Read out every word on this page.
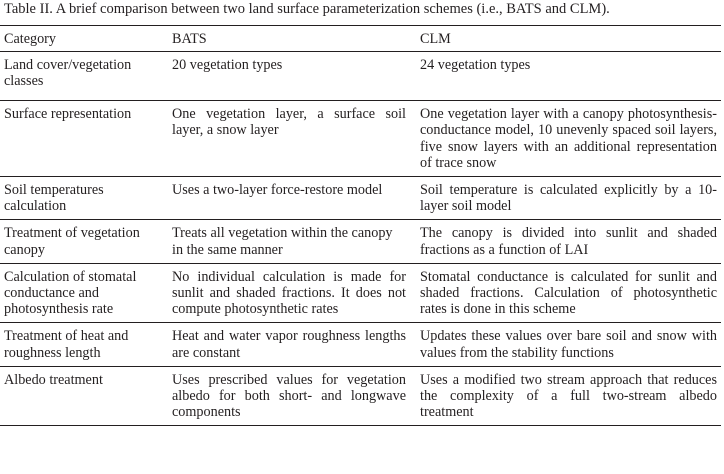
Table II. A brief comparison between two land surface parameterization schemes (i.e., BATS and CLM).
Category	BATS	CLM
Land cover/vegetation classes	20 vegetation types	24 vegetation types
Surface representation	One vegetation layer, a surface soil layer, a snow layer	One vegetation layer with a canopy photosynthesis-conductance model, 10 unevenly spaced soil layers, five snow layers with an additional representation of trace snow
Soil temperatures calculation	Uses a two-layer force-restore model	Soil temperature is calculated explicitly by a 10-layer soil model
Treatment of vegetation canopy	Treats all vegetation within the canopy in the same manner	The canopy is divided into sunlit and shaded fractions as a function of LAI
Calculation of stomatal conductance and photosynthesis rate	No individual calculation is made for sunlit and shaded fractions. It does not compute photosynthetic rates	Stomatal conductance is calculated for sunlit and shaded fractions. Calculation of photosynthetic rates is done in this scheme
Treatment of heat and roughness length	Heat and water vapor roughness lengths are constant	Updates these values over bare soil and snow with values from the stability functions
Albedo treatment	Uses prescribed values for vegetation albedo for both short- and longwave components	Uses a modified two stream approach that reduces the complexity of a full two-stream albedo treatment
